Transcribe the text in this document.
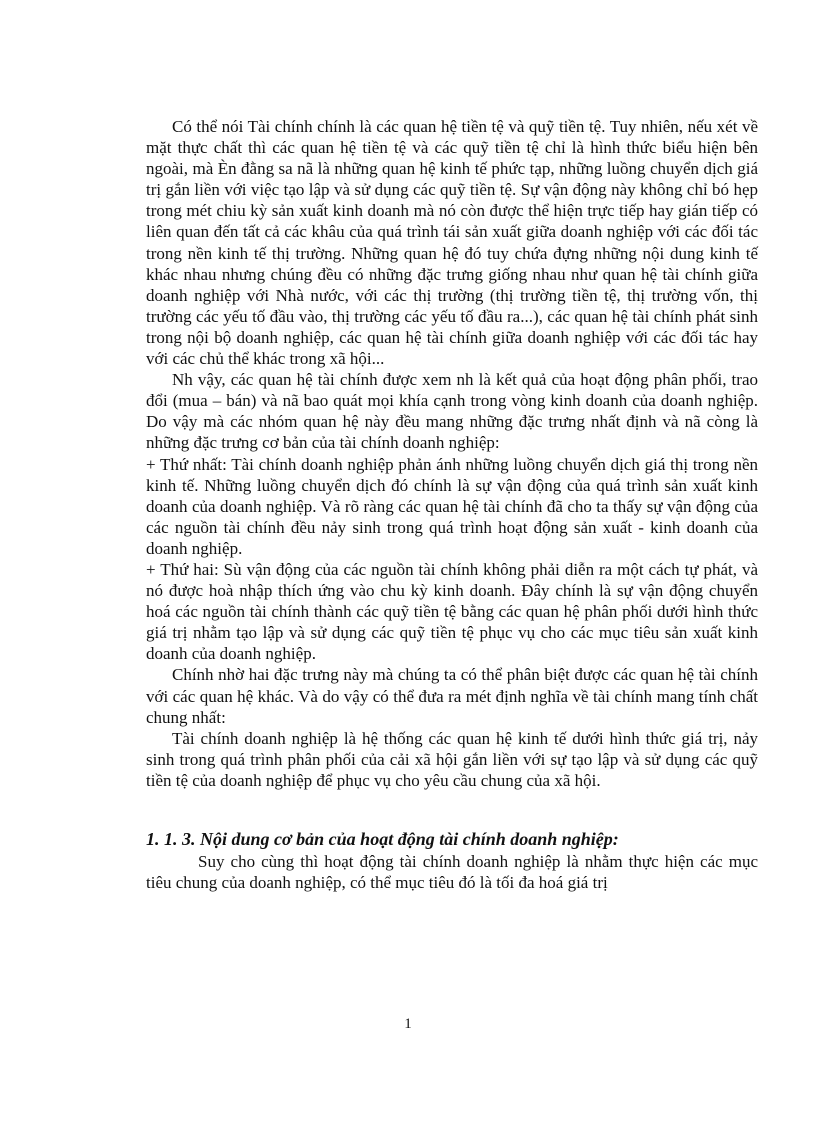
Có thể nói Tài chính chính là các quan hệ tiền tệ và quỹ tiền tệ. Tuy nhiên, nếu xét về mặt thực chất thì các quan hệ tiền tệ và các quỹ tiền tệ chỉ là hình thức biểu hiện bên ngoài, mà Èn đằng sa nã là những quan hệ kinh tế phức tạp, những luồng chuyển dịch giá trị gắn liền với việc tạo lập và sử dụng các quỹ tiền tệ. Sự vận động này không chỉ bó hẹp trong mét chiu kỳ sản xuất kinh doanh mà nó còn được thể hiện trực tiếp hay gián tiếp có liên quan đến tất cả các khâu của quá trình tái sản xuất giữa doanh nghiệp với các đối tác trong nền kinh tế thị trường. Những quan hệ đó tuy chứa đựng những nội dung kinh tế khác nhau nhưng chúng đều có những đặc trưng giống nhau như quan hệ tài chính giữa doanh nghiệp với Nhà nước, với các thị trường (thị trường tiền tệ, thị trường vốn, thị trường các yếu tố đầu vào, thị trường các yếu tố đầu ra...), các quan hệ tài chính phát sinh trong nội bộ doanh nghiệp, các quan hệ tài chính giữa doanh nghiệp với các đối tác hay với các chủ thể khác trong xã hội...

Nh vậy, các quan hệ tài chính được xem nh là kết quả của hoạt động phân phối, trao đổi (mua – bán) và nã bao quát mọi khía cạnh trong vòng kinh doanh của doanh nghiệp. Do vậy mà các nhóm quan hệ này đều mang những đặc trưng nhất định và nã còng là những đặc trưng cơ bản của tài chính doanh nghiệp:

+ Thứ nhất: Tài chính doanh nghiệp phản ánh những luồng chuyển dịch giá thị trong nền kinh tế. Những luồng chuyển dịch đó chính là sự vận động của quá trình sản xuất kinh doanh của doanh nghiệp. Và rõ ràng các quan hệ tài chính đã cho ta thấy sự vận động của các nguồn tài chính đều nảy sinh trong quá trình hoạt động sản xuất - kinh doanh của doanh nghiệp.

+ Thứ hai: Sù vận động của các nguồn tài chính không phải diễn ra một cách tự phát, và nó được hoà nhập thích ứng vào chu kỳ kinh doanh. Đây chính là sự vận động chuyển hoá các nguồn tài chính thành các quỹ tiền tệ bằng các quan hệ phân phối dưới hình thức giá trị nhằm tạo lập và sử dụng các quỹ tiền tệ phục vụ cho các mục tiêu sản xuất kinh doanh của doanh nghiệp.

Chính nhờ hai đặc trưng này mà chúng ta có thể phân biệt được các quan hệ tài chính với các quan hệ khác. Và do vậy có thể đưa ra mét định nghĩa về tài chính mang tính chất chung nhất:

Tài chính doanh nghiệp là hệ thống các quan hệ kinh tế dưới hình thức giá trị, nảy sinh trong quá trình phân phối của cải xã hội gắn liền với sự tạo lập và sử dụng các quỹ tiền tệ của doanh nghiệp để phục vụ cho yêu cầu chung của xã hội.

1. 1. 3. Nội dung cơ bản của hoạt động tài chính doanh nghiệp:

Suy cho cùng thì hoạt động tài chính doanh nghiệp là nhằm thực hiện các mục tiêu chung của doanh nghiệp, có thể mục tiêu đó là tối đa hoá giá trị

1
